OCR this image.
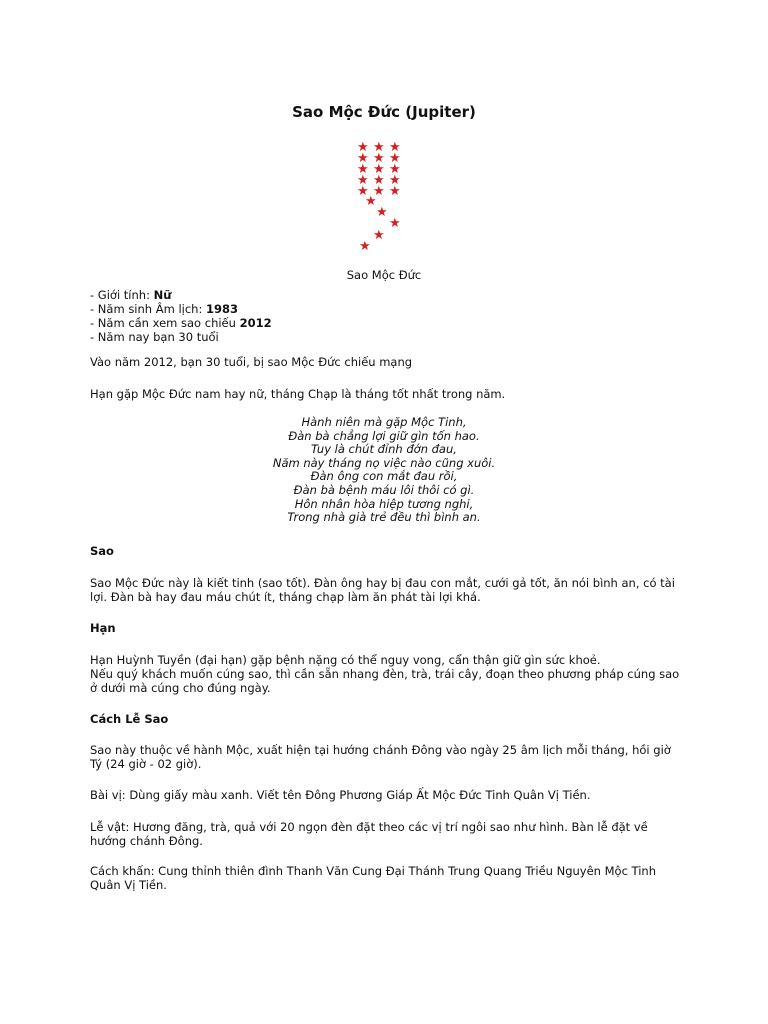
Sao Mộc Đức (Jupiter)
★ ★ ★
★ ★ ★
★ ★ ★
★ ★ ★
★ ★ ★
★
★
★
★
★
Sao Mộc Đức
- Giới tính: Nữ
- Năm sinh Âm lịch: 1983
- Năm cần xem sao chiếu 2012
- Năm nay bạn 30 tuổi
Vào năm 2012, bạn 30 tuổi, bị sao Mộc Đức chiếu mạng
Hạn gặp Mộc Đức nam hay nữ, tháng Chạp là tháng tốt nhất trong năm.
Hành niên mà gặp Mộc Tinh,
Đàn bà chẳng lợi giữ gìn tốn hao.
Tuy là chút đỉnh đớn đau,
Năm này tháng nọ việc nào cũng xuôi.
Đàn ông con mắt đau rồi,
Đàn bà bệnh máu lôi thôi có gì.
Hôn nhân hòa hiệp tương nghi,
Trong nhà già trẻ đều thì bình an.
Sao
Sao Mộc Đức này là kiết tinh (sao tốt). Đàn ông hay bị đau con mắt, cưới gả tốt, ăn nói bình an, có tài lợi. Đàn bà hay đau máu chút ít, tháng chạp làm ăn phát tài lợi khá.
Hạn
Hạn Huỳnh Tuyền (đại hạn) gặp bệnh nặng có thể nguy vong, cẩn thận giữ gìn sức khoẻ.
Nếu quý khách muốn cúng sao, thì cần sẵn nhang đèn, trà, trái cây, đoạn theo phương pháp cúng sao ở dưới mà cúng cho đúng ngày.
Cách Lễ Sao
Sao này thuộc về hành Mộc, xuất hiện tại hướng chánh Đông vào ngày 25 âm lịch mỗi tháng, hồi giờ Tý (24 giờ - 02 giờ).
Bài vị: Dùng giấy màu xanh. Viết tên Đông Phương Giáp Ất Mộc Đức Tinh Quân Vị Tiền.
Lễ vật: Hương đăng, trà, quả với 20 ngọn đèn đặt theo các vị trí ngôi sao như hình. Bàn lễ đặt về hướng chánh Đông.
Cách khấn: Cung thỉnh thiên đình Thanh Văn Cung Đại Thánh Trung Quang Triều Nguyên Mộc Tinh Quân Vị Tiền.
